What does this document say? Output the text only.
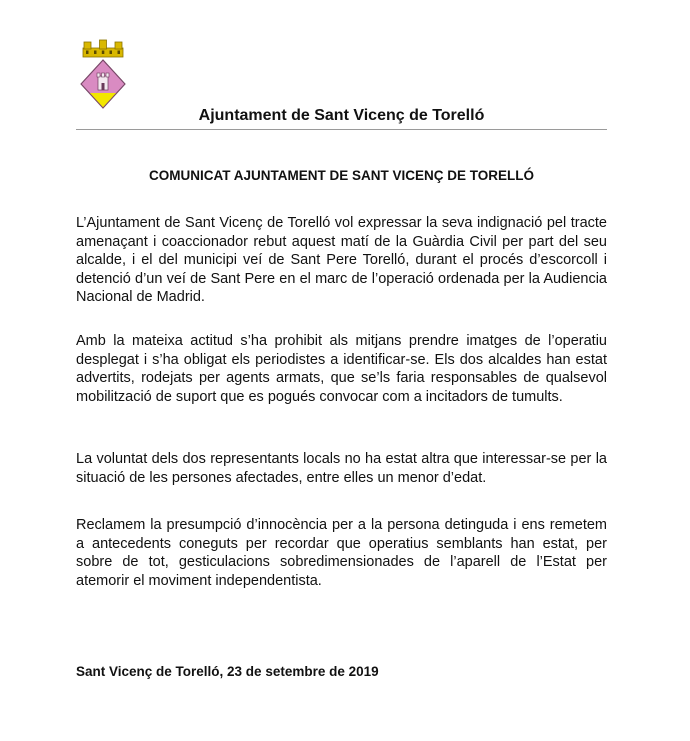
Ajuntament de Sant Vicenç de Torelló
COMUNICAT AJUNTAMENT DE SANT VICENÇ DE TORELLÓ

L’Ajuntament de Sant Vicenç de Torelló vol expressar la seva indignació pel tracte amenaçant i coaccionador rebut aquest matí de la Guàrdia Civil per part del seu alcalde, i el del municipi veí de Sant Pere Torelló, durant el procés d’escorcoll i detenció d’un veí de Sant Pere en el marc de l’operació ordenada per la Audiencia Nacional de Madrid.

Amb la mateixa actitud s’ha prohibit als mitjans prendre imatges de l’operatiu desplegat i s’ha obligat els periodistes a identificar-se. Els dos alcaldes han estat advertits, rodejats per agents armats, que se’ls faria responsables de qualsevol mobilització de suport que es pogués convocar com a incitadors de tumults.

La voluntat dels dos representants locals no ha estat altra que interessar-se per la situació de les persones afectades, entre elles un menor d’edat.

Reclamem la presumpció d’innocència per a la persona detinguda i ens remetem a antecedents coneguts per recordar que operatius semblants han estat, per sobre de tot, gesticulacions sobredimensionades de l’aparell de l’Estat per atemorir el moviment independentista.

Sant Vicenç de Torelló, 23 de setembre de 2019
